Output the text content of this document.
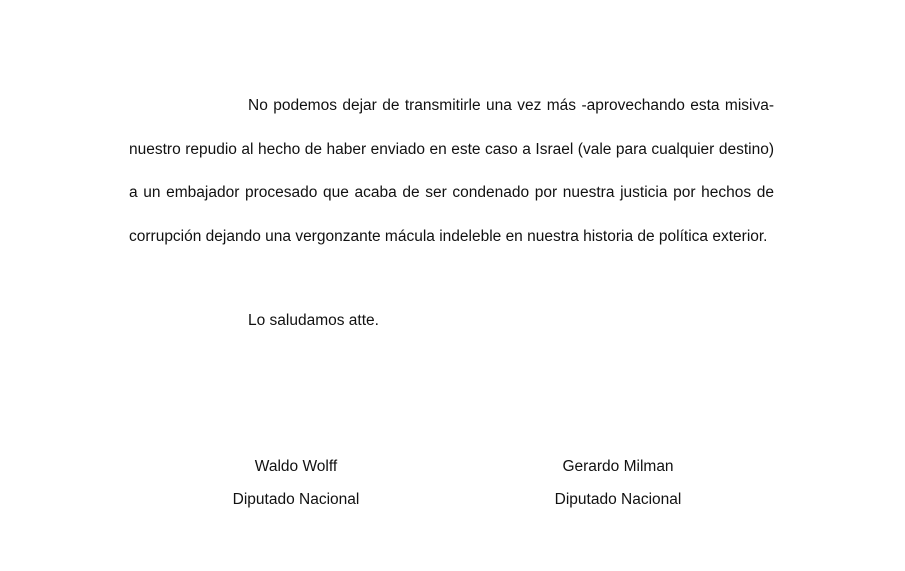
No podemos dejar de transmitirle una vez más -aprovechando esta misiva- nuestro repudio al hecho de haber enviado en este caso a Israel (vale para cualquier destino) a un embajador procesado que acaba de ser condenado por nuestra justicia por hechos de corrupción dejando una vergonzante mácula indeleble en nuestra historia de política exterior.

Lo saludamos atte.

Waldo Wolff
Diputado Nacional
Gerardo Milman
Diputado Nacional
